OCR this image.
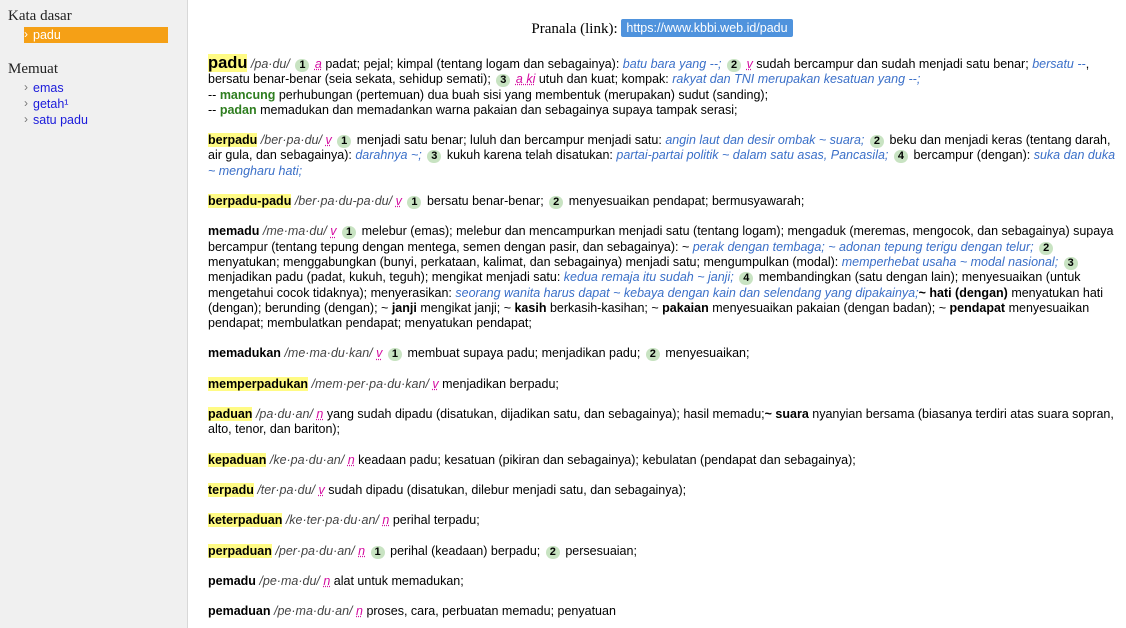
Kata dasar
› padu
Memuat
› emas
› getah¹
› satu padu
Pranala (link): https://www.kbbi.web.id/padu

padu /pa·du/ 1 a padat; pejal; kimpal (tentang logam dan sebagainya): batu bara yang --; 2 v sudah bercampur dan sudah menjadi satu benar; bersatu --, bersatu benar-benar (seia sekata, sehidup semati); 3 a ki utuh dan kuat; kompak: rakyat dan TNI merupakan kesatuan yang --;
-- mancung perhubungan (pertemuan) dua buah sisi yang membentuk (merupakan) sudut (sanding);
-- padan memadukan dan memadankan warna pakaian dan sebagainya supaya tampak serasi;

berpadu /ber·pa·du/ v 1 menjadi satu benar; luluh dan bercampur menjadi satu: angin laut dan desir ombak ~ suara; 2 beku dan menjadi keras (tentang darah, air gula, dan sebagainya): darahnya ~; 3 kukuh karena telah disatukan: partai-partai politik ~ dalam satu asas, Pancasila; 4 bercampur (dengan): suka dan duka ~ mengharu hati;

berpadu-padu /ber·pa·du-pa·du/ v 1 bersatu benar-benar; 2 menyesuaikan pendapat; bermusyawarah;

memadu /me·ma·du/ v 1 melebur (emas); melebur dan mencampurkan menjadi satu (tentang logam); mengaduk (meremas, mengocok, dan sebagainya) supaya bercampur (tentang tepung dengan mentega, semen dengan pasir, dan sebagainya): ~ perak dengan tembaga; ~ adonan tepung terigu dengan telur; 2 menyatukan; menggabungkan (bunyi, perkataan, kalimat, dan sebagainya) menjadi satu; mengumpulkan (modal): memperhebat usaha ~ modal nasional; 3 menjadikan padu (padat, kukuh, teguh); mengikat menjadi satu: kedua remaja itu sudah ~ janji; 4 membandingkan (satu dengan lain); menyesuaikan (untuk mengetahui cocok tidaknya); menyerasikan: seorang wanita harus dapat ~ kebaya dengan kain dan selendang yang dipakainya;~ hati (dengan) menyatukan hati (dengan); berunding (dengan); ~ janji mengikat janji; ~ kasih berkasih-kasihan; ~ pakaian menyesuaikan pakaian (dengan badan); ~ pendapat menyesuaikan pendapat; membulatkan pendapat; menyatukan pendapat;

memadukan /me·ma·du·kan/ v 1 membuat supaya padu; menjadikan padu; 2 menyesuaikan;

memperpadukan /mem·per·pa·du·kan/ v menjadikan berpadu;

paduan /pa·du·an/ n yang sudah dipadu (disatukan, dijadikan satu, dan sebagainya); hasil memadu;~ suara nyanyian bersama (biasanya terdiri atas suara sopran, alto, tenor, dan bariton);

kepaduan /ke·pa·du·an/ n keadaan padu; kesatuan (pikiran dan sebagainya); kebulatan (pendapat dan sebagainya);

terpadu /ter·pa·du/ v sudah dipadu (disatukan, dilebur menjadi satu, dan sebagainya);

keterpaduan /ke·ter·pa·du·an/ n perihal terpadu;

perpaduan /per·pa·du·an/ n 1 perihal (keadaan) berpadu; 2 persesuaian;

pemadu /pe·ma·du/ n alat untuk memadukan;

pemaduan /pe·ma·du·an/ n proses, cara, perbuatan memadu; penyatuan
